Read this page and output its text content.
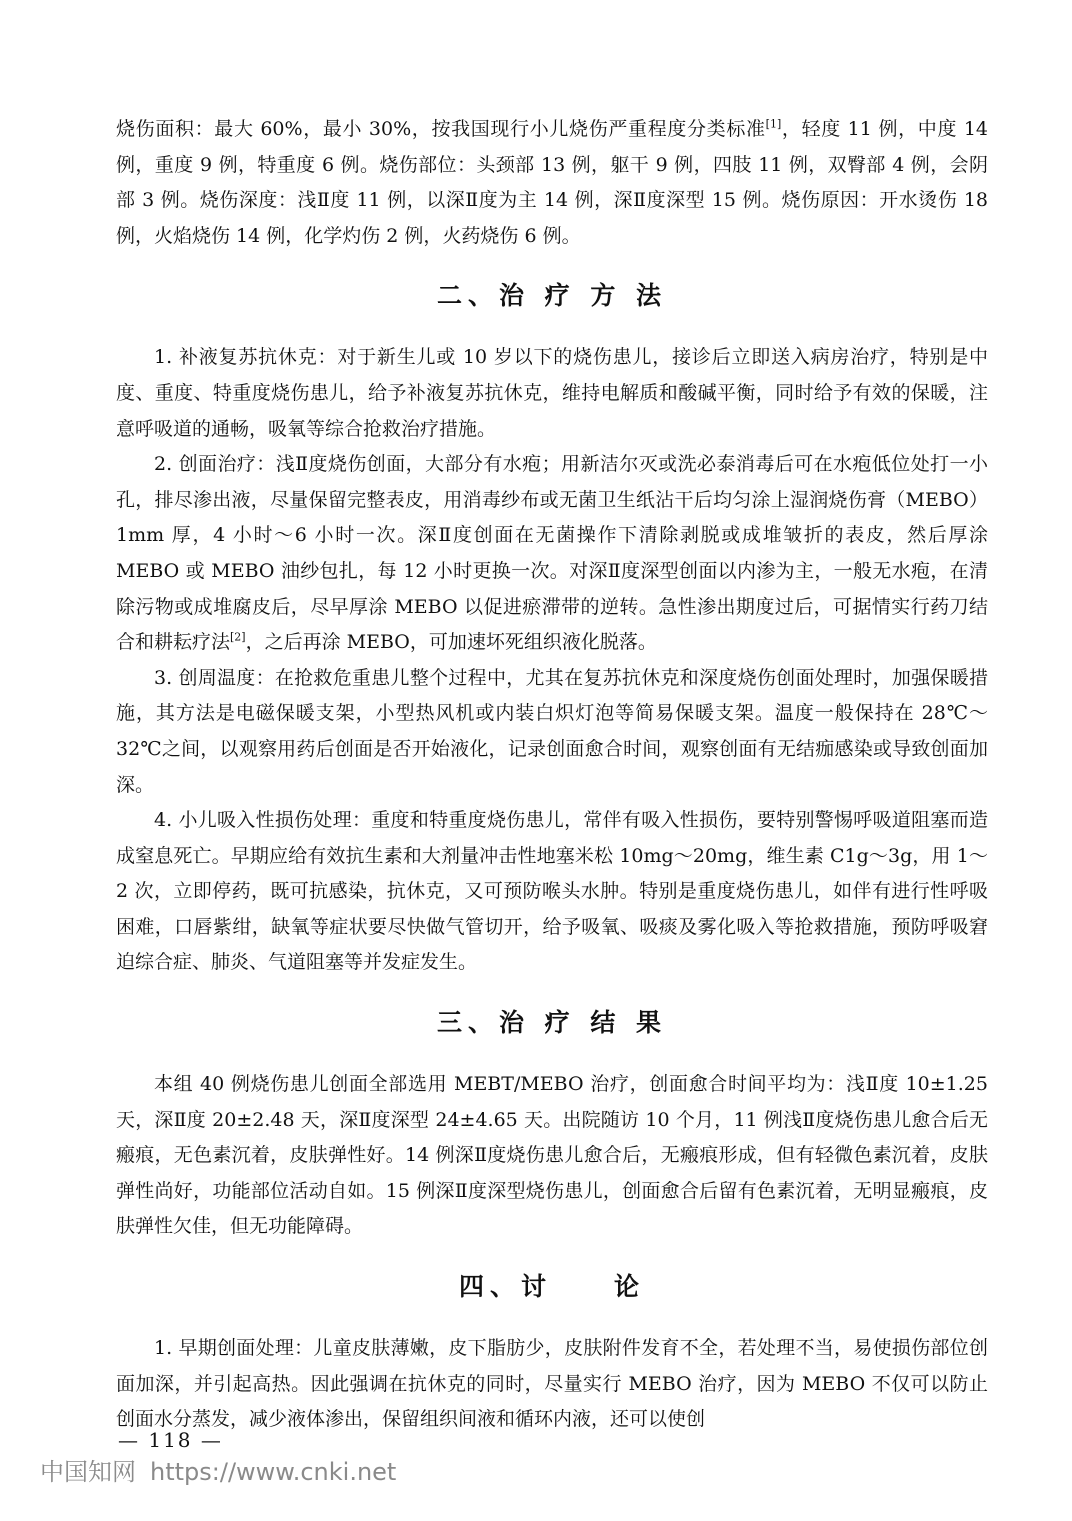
烧伤面积：最大 60%，最小 30%，按我国现行小儿烧伤严重程度分类标准[1]，轻度 11 例，中度 14 例，重度 9 例，特重度 6 例。烧伤部位：头颈部 13 例，躯干 9 例，四肢 11 例，双臀部 4 例，会阴部 3 例。烧伤深度：浅Ⅱ度 11 例，以深Ⅱ度为主 14 例，深Ⅱ度深型 15 例。烧伤原因：开水烫伤 18 例，火焰烧伤 14 例，化学灼伤 2 例，火药烧伤 6 例。

二、治 疗 方 法

1. 补液复苏抗休克：对于新生儿或 10 岁以下的烧伤患儿，接诊后立即送入病房治疗，特别是中度、重度、特重度烧伤患儿，给予补液复苏抗休克，维持电解质和酸碱平衡，同时给予有效的保暖，注意呼吸道的通畅，吸氧等综合抢救治疗措施。

2. 创面治疗：浅Ⅱ度烧伤创面，大部分有水疱；用新洁尔灭或洗必泰消毒后可在水疱低位处打一小孔，排尽渗出液，尽量保留完整表皮，用消毒纱布或无菌卫生纸沾干后均匀涂上湿润烧伤膏（MEBO）1mm 厚，4 小时～6 小时一次。深Ⅱ度创面在无菌操作下清除剥脱或成堆皱折的表皮，然后厚涂 MEBO 或 MEBO 油纱包扎，每 12 小时更换一次。对深Ⅱ度深型创面以内渗为主，一般无水疱，在清除污物或成堆腐皮后，尽早厚涂 MEBO 以促进瘀滞带的逆转。急性渗出期度过后，可据情实行药刀结合和耕耘疗法[2]，之后再涂 MEBO，可加速坏死组织液化脱落。

3. 创周温度：在抢救危重患儿整个过程中，尤其在复苏抗休克和深度烧伤创面处理时，加强保暖措施，其方法是电磁保暖支架，小型热风机或内装白炽灯泡等简易保暖支架。温度一般保持在 28℃～32℃之间，以观察用药后创面是否开始液化，记录创面愈合时间，观察创面有无结痂感染或导致创面加深。

4. 小儿吸入性损伤处理：重度和特重度烧伤患儿，常伴有吸入性损伤，要特别警惕呼吸道阻塞而造成窒息死亡。早期应给有效抗生素和大剂量冲击性地塞米松 10mg～20mg，维生素 C1g～3g，用 1～2 次，立即停药，既可抗感染，抗休克，又可预防喉头水肿。特别是重度烧伤患儿，如伴有进行性呼吸困难，口唇紫绀，缺氧等症状要尽快做气管切开，给予吸氧、吸痰及雾化吸入等抢救措施，预防呼吸窘迫综合症、肺炎、气道阻塞等并发症发生。

三、治 疗 结 果

本组 40 例烧伤患儿创面全部选用 MEBT/MEBO 治疗，创面愈合时间平均为：浅Ⅱ度 10±1.25 天，深Ⅱ度 20±2.48 天，深Ⅱ度深型 24±4.65 天。出院随访 10 个月，11 例浅Ⅱ度烧伤患儿愈合后无瘢痕，无色素沉着，皮肤弹性好。14 例深Ⅱ度烧伤患儿愈合后，无瘢痕形成，但有轻微色素沉着，皮肤弹性尚好，功能部位活动自如。15 例深Ⅱ度深型烧伤患儿，创面愈合后留有色素沉着，无明显瘢痕，皮肤弹性欠佳，但无功能障碍。

四、讨　　论

1. 早期创面处理：儿童皮肤薄嫩，皮下脂肪少，皮肤附件发育不全，若处理不当，易使损伤部位创面加深，并引起高热。因此强调在抗休克的同时，尽量实行 MEBO 治疗，因为 MEBO 不仅可以防止创面水分蒸发，减少液体渗出，保留组织间液和循环内液，还可以使创

— 118 —
中国知网 https://www.cnki.net
